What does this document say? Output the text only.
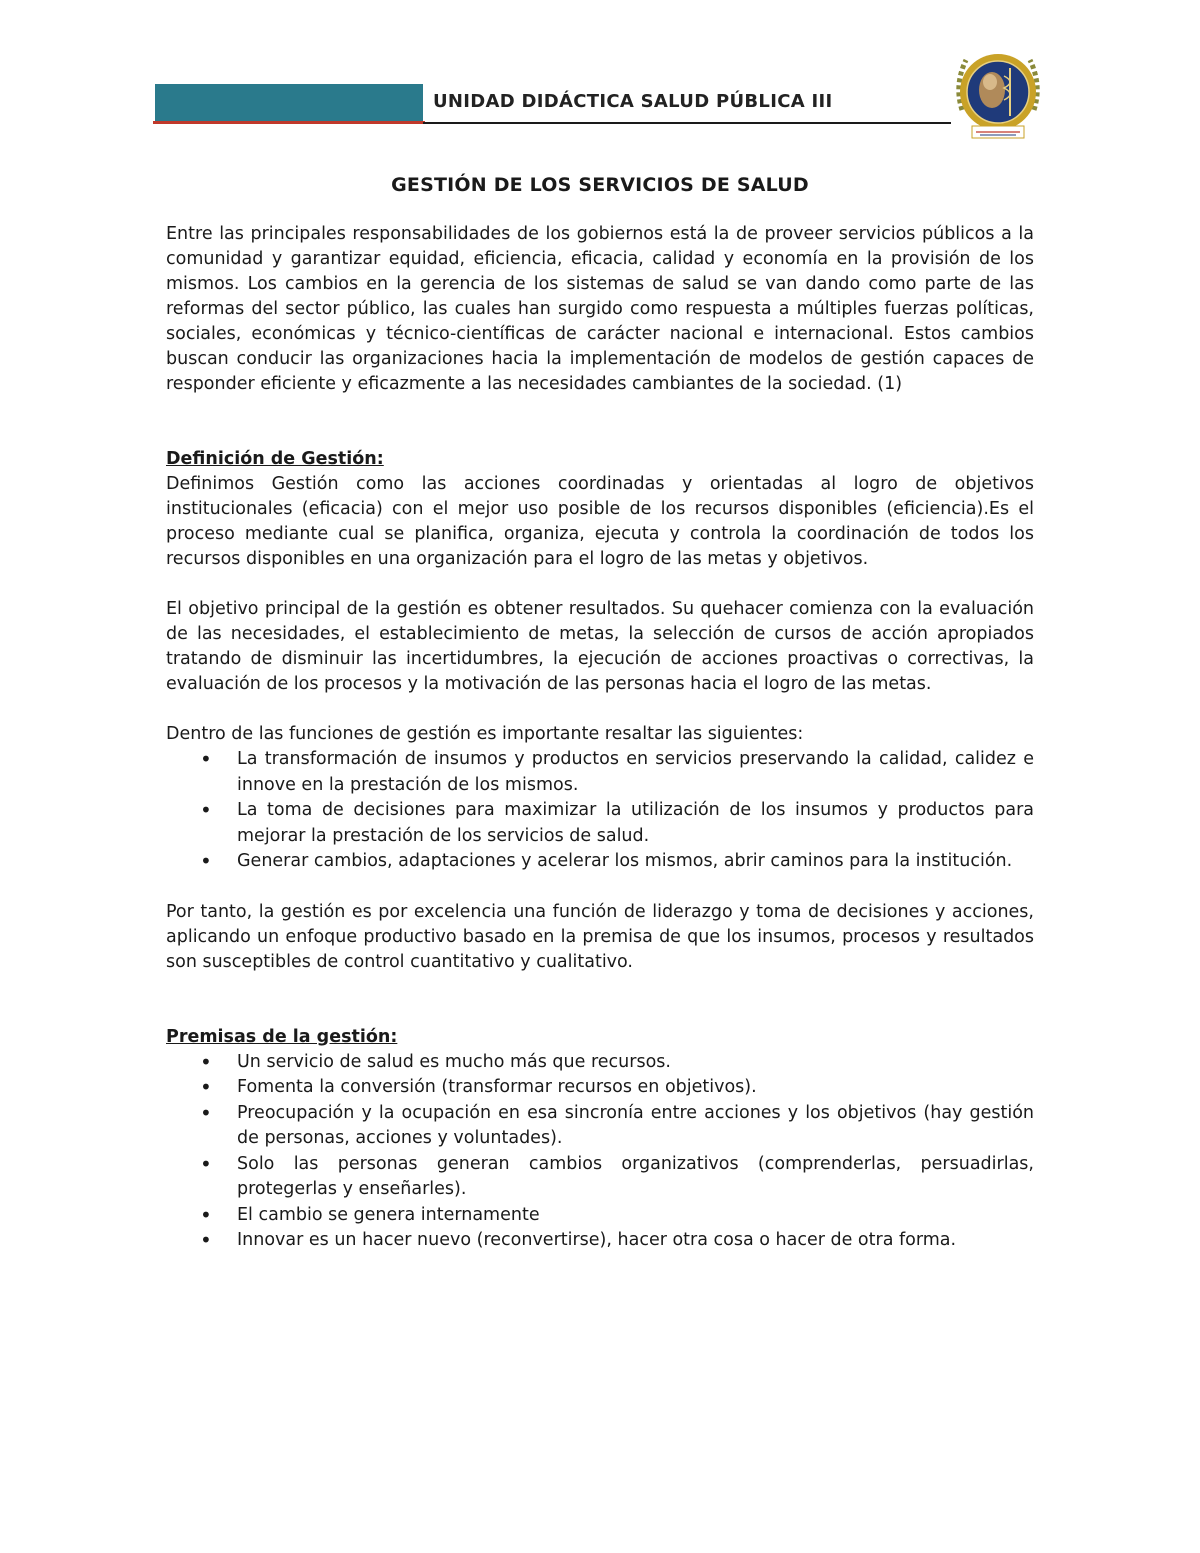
UNIDAD DIDÁCTICA SALUD PÚBLICA III
GESTIÓN DE LOS SERVICIOS DE SALUD

Entre las principales responsabilidades de los gobiernos está la de proveer servicios públicos a la comunidad y garantizar equidad, eficiencia, eficacia, calidad y economía en la provisión de los mismos. Los cambios en la gerencia de los sistemas de salud se van dando como parte de las reformas del sector público, las cuales han surgido como respuesta a múltiples fuerzas políticas, sociales, económicas y técnico-científicas de carácter nacional e internacional. Estos cambios buscan conducir las organizaciones hacia la implementación de modelos de gestión capaces de responder eficiente y eficazmente a las necesidades cambiantes de la sociedad. (1)

Definición de Gestión:

Definimos Gestión como las acciones coordinadas y orientadas al logro de objetivos institucionales (eficacia) con el mejor uso posible de los recursos disponibles (eficiencia).Es el proceso mediante cual se planifica, organiza, ejecuta y controla la coordinación de todos los recursos disponibles en una organización para el logro de las metas y objetivos.

El objetivo principal de la gestión es obtener resultados. Su quehacer comienza con la evaluación de las necesidades, el establecimiento de metas, la selección de cursos de acción apropiados tratando de disminuir las incertidumbres, la ejecución de acciones proactivas o correctivas, la evaluación de los procesos y la motivación de las personas hacia el logro de las metas.

Dentro de las funciones de gestión es importante resaltar las siguientes:

• La transformación de insumos y productos en servicios preservando la calidad, calidez e innove en la prestación de los mismos.
• La toma de decisiones para maximizar la utilización de los insumos y productos para mejorar la prestación de los servicios de salud.
• Generar cambios, adaptaciones y acelerar los mismos, abrir caminos para la institución.

Por tanto, la gestión es por excelencia una función de liderazgo y toma de decisiones y acciones, aplicando un enfoque productivo basado en la premisa de que los insumos, procesos y resultados son susceptibles de control cuantitativo y cualitativo.

Premisas de la gestión:
• Un servicio de salud es mucho más que recursos.
• Fomenta la conversión (transformar recursos en objetivos).
• Preocupación y la ocupación en esa sincronía entre acciones y los objetivos (hay gestión de personas, acciones y voluntades).
• Solo las personas generan cambios organizativos (comprenderlas, persuadirlas, protegerlas y enseñarles).
• El cambio se genera internamente
• Innovar es un hacer nuevo (reconvertirse), hacer otra cosa o hacer de otra forma.
